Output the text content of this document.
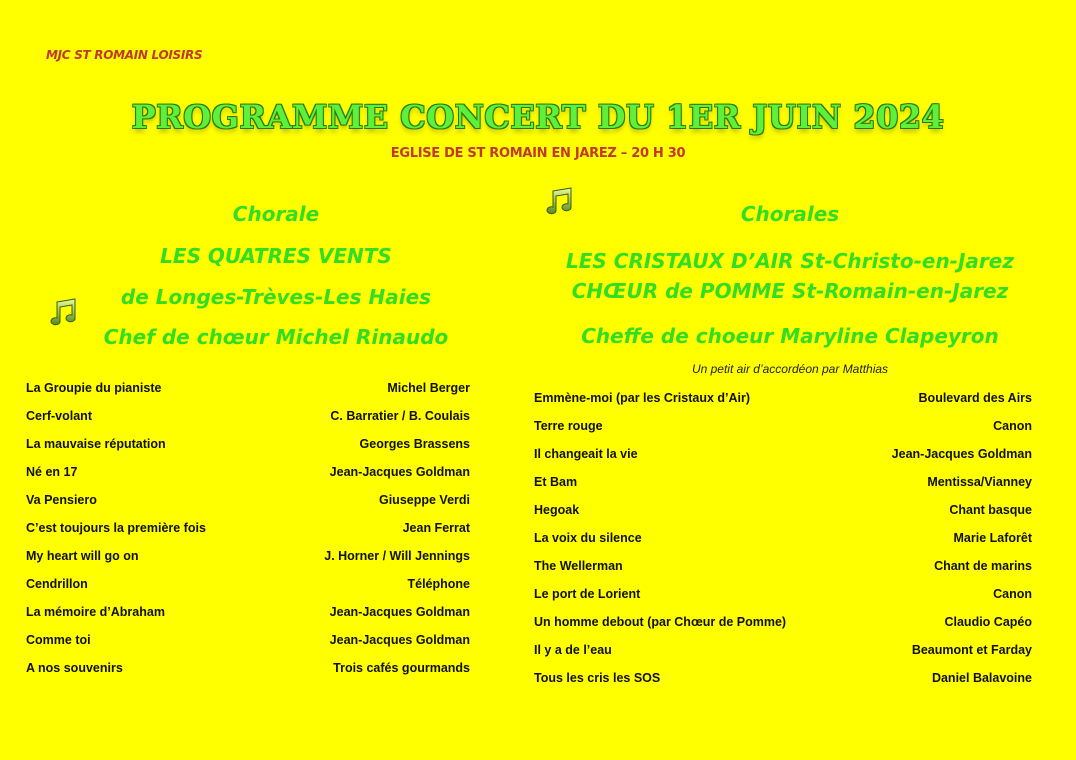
MJC ST ROMAIN LOISIRS
PROGRAMME CONCERT DU 1ER JUIN 2024
EGLISE DE ST ROMAIN EN JAREZ – 20 H 30
Chorale
LES QUATRES VENTS
de Longes-Trèves-Les Haies
Chef de chœur Michel Rinaudo
Chorales
LES CRISTAUX D’AIR St-Christo-en-Jarez
CHŒUR de POMME St-Romain-en-Jarez
Cheffe de choeur Maryline Clapeyron
Un petit air d’accordéon par Matthias
La Groupie du pianiste	Michel Berger
Cerf-volant	C. Barratier / B. Coulais
La mauvaise réputation	Georges Brassens
Né en 17	Jean-Jacques Goldman
Va Pensiero	Giuseppe Verdi
C’est toujours la première fois	Jean Ferrat
My heart will go on	J. Horner / Will Jennings
Cendrillon	Téléphone
La mémoire d’Abraham	Jean-Jacques Goldman
Comme toi	Jean-Jacques Goldman
A nos souvenirs	Trois cafés gourmands
Emmène-moi (par les Cristaux d’Air)	Boulevard des Airs
Terre rouge	Canon
Il changeait la vie	Jean-Jacques Goldman
Et Bam	Mentissa/Vianney
Hegoak	Chant basque
La voix du silence	Marie Laforêt
The Wellerman	Chant de marins
Le port de Lorient	Canon
Un homme debout (par Chœur de Pomme)	Claudio Capéo
Il y a de l’eau	Beaumont et Farday
Tous les cris les SOS	Daniel Balavoine
